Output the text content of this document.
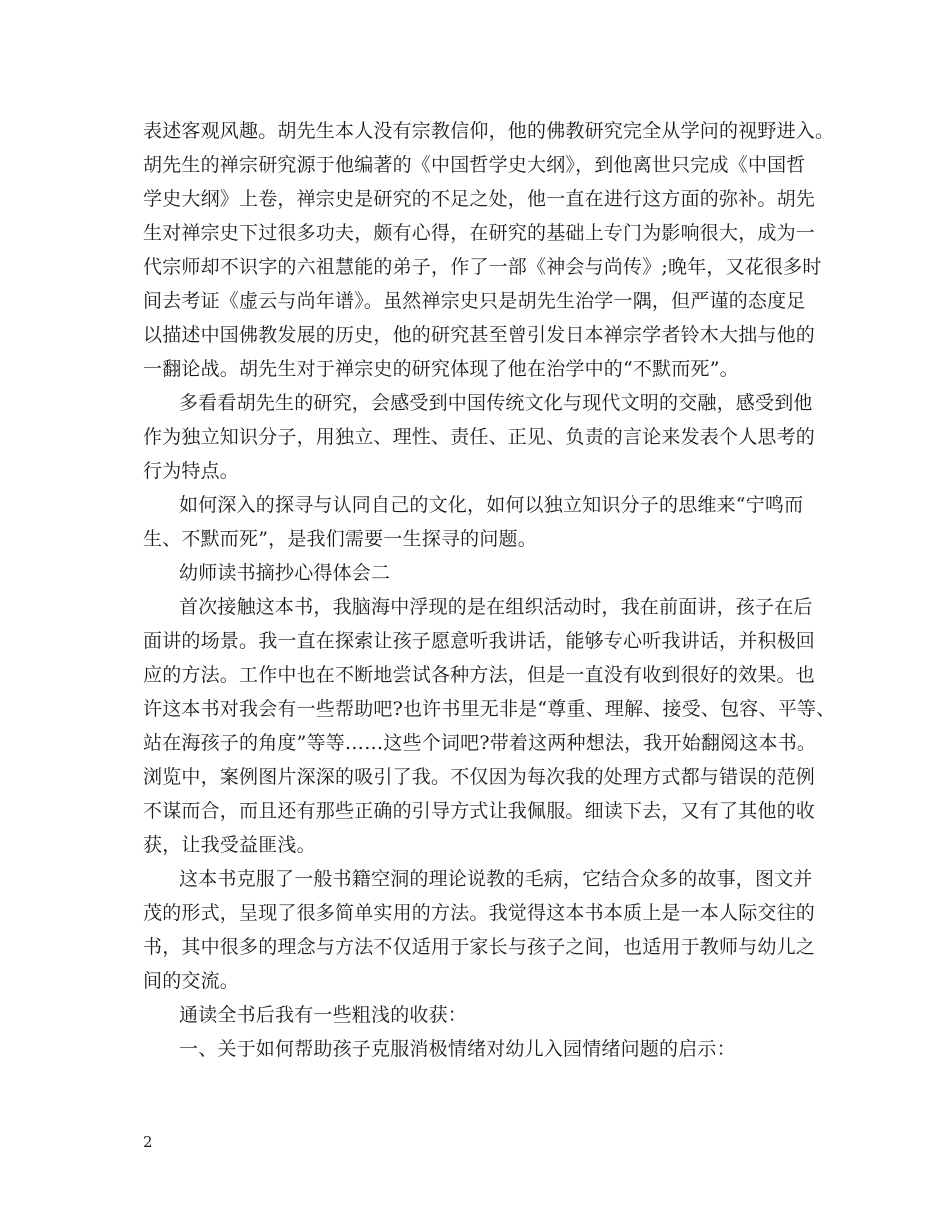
表述客观风趣。胡先生本人没有宗教信仰，他的佛教研究完全从学问的视野进入。
胡先生的禅宗研究源于他编著的《中国哲学史大纲》，到他离世只完成《中国哲
学史大纲》上卷，禅宗史是研究的不足之处，他一直在进行这方面的弥补。胡先
生对禅宗史下过很多功夫，颇有心得，在研究的基础上专门为影响很大，成为一
代宗师却不识字的六祖慧能的弟子，作了一部《神会与尚传》;晚年，又花很多时
间去考证《虚云与尚年谱》。虽然禅宗史只是胡先生治学一隅，但严谨的态度足
以描述中国佛教发展的历史，他的研究甚至曾引发日本禅宗学者铃木大拙与他的
一翻论战。胡先生对于禅宗史的研究体现了他在治学中的“不默而死”。
多看看胡先生的研究，会感受到中国传统文化与现代文明的交融，感受到他
作为独立知识分子，用独立、理性、责任、正见、负责的言论来发表个人思考的
行为特点。
如何深入的探寻与认同自己的文化，如何以独立知识分子的思维来“宁鸣而
生、不默而死”，是我们需要一生探寻的问题。
幼师读书摘抄心得体会二
首次接触这本书，我脑海中浮现的是在组织活动时，我在前面讲，孩子在后
面讲的场景。我一直在探索让孩子愿意听我讲话，能够专心听我讲话，并积极回
应的方法。工作中也在不断地尝试各种方法，但是一直没有收到很好的效果。也
许这本书对我会有一些帮助吧?也许书里无非是“尊重、理解、接受、包容、平等、
站在海孩子的角度”等等……这些个词吧?带着这两种想法，我开始翻阅这本书。
浏览中，案例图片深深的吸引了我。不仅因为每次我的处理方式都与错误的范例
不谋而合，而且还有那些正确的引导方式让我佩服。细读下去，又有了其他的收
获，让我受益匪浅。
这本书克服了一般书籍空洞的理论说教的毛病，它结合众多的故事，图文并
茂的形式，呈现了很多简单实用的方法。我觉得这本书本质上是一本人际交往的
书，其中很多的理念与方法不仅适用于家长与孩子之间，也适用于教师与幼儿之
间的交流。
通读全书后我有一些粗浅的收获：
一、关于如何帮助孩子克服消极情绪对幼儿入园情绪问题的启示：
2
